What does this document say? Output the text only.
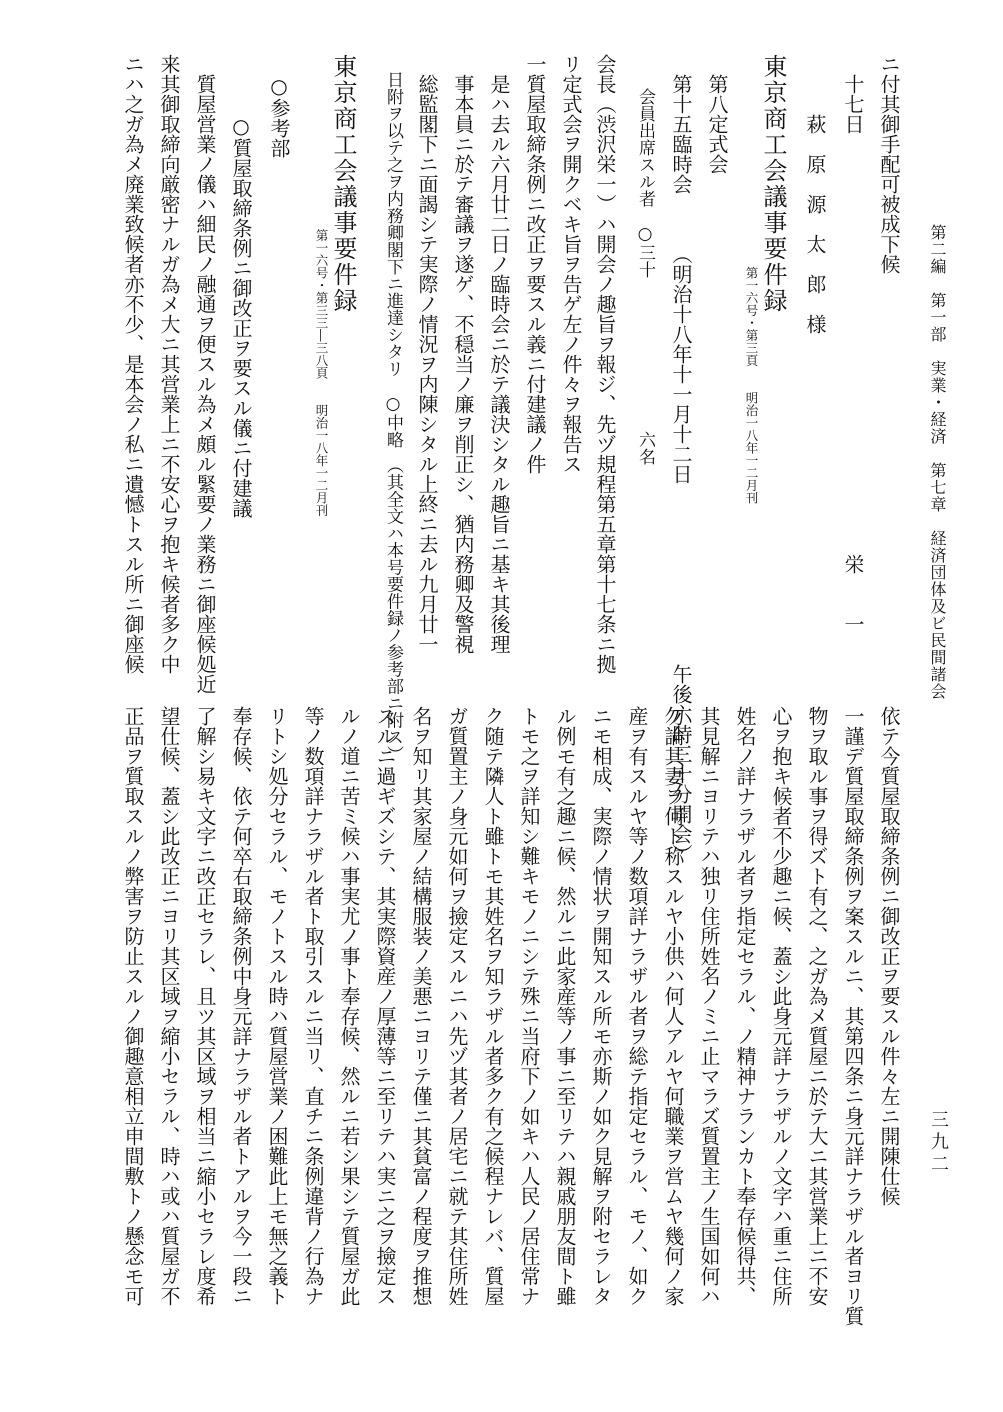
第二編　第一部　実業・経済　第七章　経済団体及ビ民間諸会
ニ付其御手配可被成下候
　十七日　　　　　　　　　　　　　　　　　　　　　栄　　一
　　　萩　原　源　太　郎　様
東京商工会議事要件録
　　　　　　　　　　　　　　　　　第一六号・第三頁　　明治一八年一二月刊
　第八定式会
　第十五臨時会　　　（明治十八年十一月十二日　　　　　　　　　午後六時三十分開会）
　　会員出席スル者　○三十　　　　　　　　　六名
会長（渋沢栄一）ハ開会ノ趣旨ヲ報ジ、先ヅ規程第五章第十七条ニ拠
リ定式会ヲ開クベキ旨ヲ告ゲ左ノ件々ヲ報告ス
一質屋取締条例ニ改正ヲ要スル義ニ付建議ノ件
　是ハ去ル六月廿二日ノ臨時会ニ於テ議決シタル趣旨ニ基キ其後理
　事本員ニ於テ審議ヲ遂ゲ、不穏当ノ廉ヲ削正シ、猶内務卿及警視
　総監閣下ニ面謁シテ実際ノ情況ヲ内陳シタル上終ニ去ル九月廿一
　日附ヲ以テ之ヲ内務卿閣下ニ進達シタリ　○中略　（其全文ハ本号要件録ノ参考部ニ附ス）
東京商工会議事要件録
　　　　　　　　　　　　　　第一六号・第三三―三八頁　　明治一八年一二月刊
　○参考部
　　　○質屋取締条例ニ御改正ヲ要スル儀ニ付建議
　質屋営業ノ儀ハ細民ノ融通ヲ便スル為メ頗ル緊要ノ業務ニ御座候処近
来其御取締向厳密ナルガ為メ大ニ其営業上ニ不安心ヲ抱キ候者多ク中
ニハ之ガ為メ廃業致候者亦不少、是本会ノ私ニ遺憾トスル所ニ御座候
依テ今質屋取締条例ニ御改正ヲ要スル件々左ニ開陳仕候
一謹デ質屋取締条例ヲ案スルニ、其第四条ニ身元詳ナラザル者ヨリ質
物ヲ取ル事ヲ得ズト有之、之ガ為メ質屋ニ於テ大ニ其営業上ニ不安
心ヲ抱キ候者不少趣ニ候、蓋シ此身元詳ナラザルノ文字ハ重ニ住所
姓名ノ詳ナラザル者ヲ指定セラル、ノ精神ナランカト奉存候得共、
其見解ニヨリテハ独リ住所姓名ノミニ止マラズ質置主ノ生国如何ハ
勿論其妻ヲ何ト称スルヤ小供ハ何人アルヤ何職業ヲ営ムヤ幾何ノ家
産ヲ有スルヤ等ノ数項詳ナラザル者ヲ総テ指定セラル、モノ、如ク
ニモ相成、実際ノ情状ヲ開知スル所モ亦斯ノ如ク見解ヲ附セラレタ
ル例モ有之趣ニ候、然ルニ此家産等ノ事ニ至リテハ親戚朋友間ト雖
トモ之ヲ詳知シ難キモノニシテ殊ニ当府下ノ如キハ人民ノ居住常ナ
ク随テ隣人ト雖トモ其姓名ヲ知ラザル者多ク有之候程ナレバ、質屋
ガ質置主ノ身元如何ヲ撿定スルニハ先ヅ其者ノ居宅ニ就テ其住所姓
名ヲ知リ其家屋ノ結構服装ノ美悪ニヨリテ僅ニ其貧富ノ程度ヲ推想
スルニ過ギズシテ、其実際資産ノ厚薄等ニ至リテハ実ニ之ヲ撿定ス
ルノ道ニ苦ミ候ハ事実尤ノ事ト奉存候、然ルニ若シ果シテ質屋ガ此
等ノ数項詳ナラザル者ト取引スルニ当リ、直チニ条例違背ノ行為ナ
リトシ処分セラル、モノトスル時ハ質屋営業ノ困難此上モ無之義ト
奉存候、依テ何卒右取締条例中身元詳ナラザル者トアルヲ今一段ニ
了解シ易キ文字ニ改正セラレ、且ツ其区域ヲ相当ニ縮小セラレ度希
望仕候、蓋シ此改正ニヨリ其区域ヲ縮小セラル、時ハ或ハ質屋ガ不
正品ヲ質取スルノ弊害ヲ防止スルノ御趣意相立申間敷トノ懸念モ可	三九二
